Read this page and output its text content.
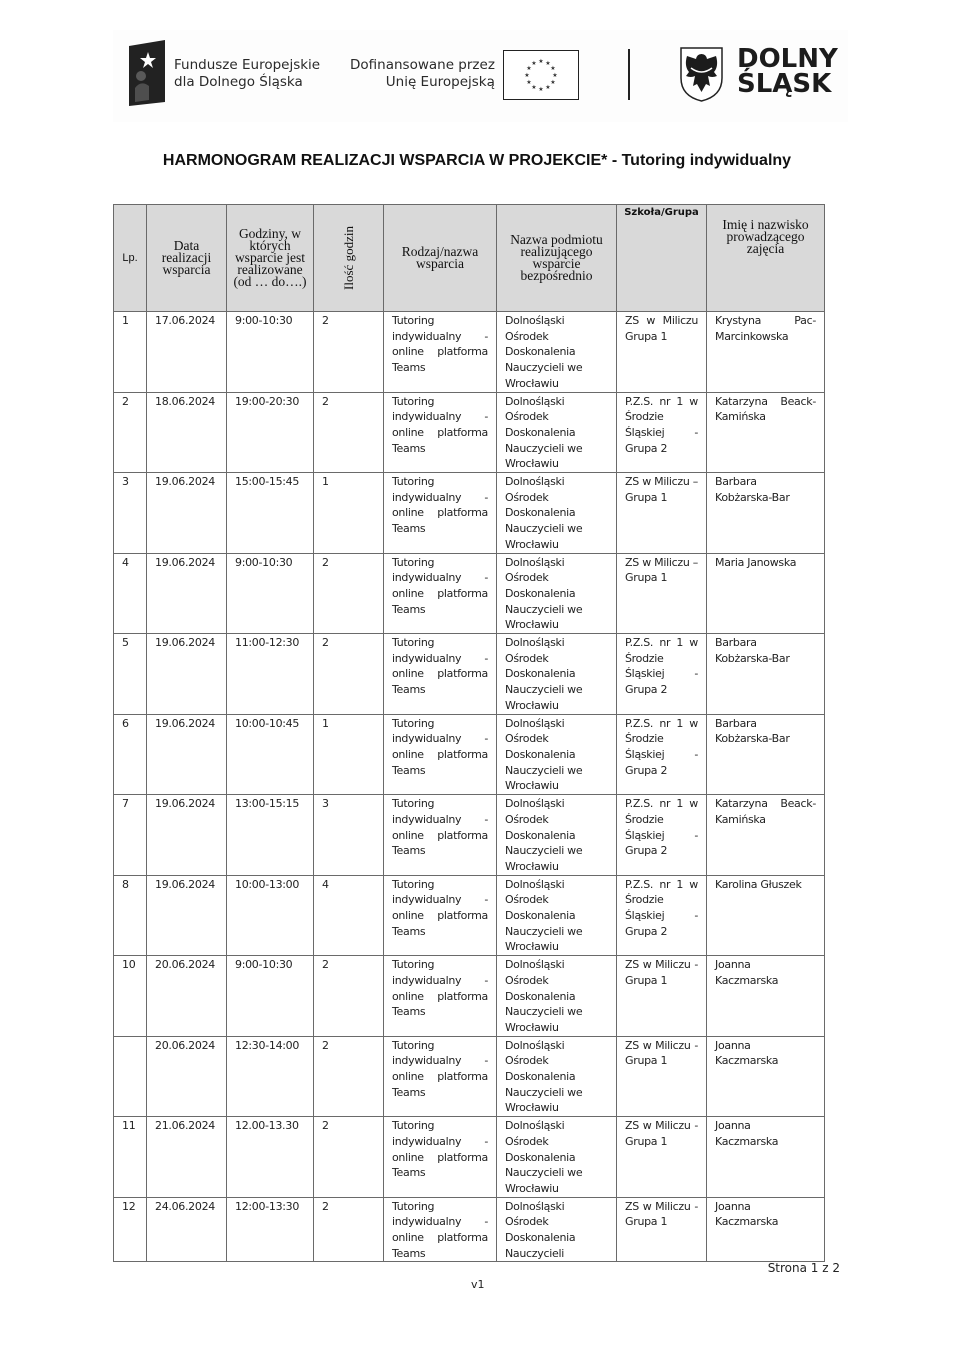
Fundusze Europejskie
dla Dolnego Śląska
Dofinansowane przez
Unię Europejską
★ ★
★
★
★
★
★
★
★
★
★
★	DOLNY
ŚLĄSK
HARMONOGRAM REALIZACJI WSPARCIA W PROJEKCIE* - Tutoring indywidualny
Lp.	Data realizacji wsparcia	Godziny, w których wsparcie jest realizowane (od … do….)	Ilość godzin	Rodzaj/nazwa wsparcia	Nazwa podmiotu realizującego wsparcie bezpośrednio	Szkoła/Grupa	Imię i nazwisko prowadzącego zajęcia
1	17.06.2024	9:00-10:30	2	Tutoring indywidualny - online platforma Teams	Dolnośląski Ośrodek Doskonalenia Nauczycieli we Wrocławiu	ZS w Miliczu Grupa 1	Krystyna Pac-Marcinkowska
2	18.06.2024	19:00-20:30	2	Tutoring indywidualny - online platforma Teams	Dolnośląski Ośrodek Doskonalenia Nauczycieli we Wrocławiu	P.Z.S. nr 1 w Środzie Śląskiej - Grupa 2	Katarzyna Beack-Kamińska
3	19.06.2024	15:00-15:45	1	Tutoring indywidualny - online platforma Teams	Dolnośląski Ośrodek Doskonalenia Nauczycieli we Wrocławiu	ZS w Miliczu – Grupa 1	Barbara Kobżarska-Bar
4	19.06.2024	9:00-10:30	2	Tutoring indywidualny - online platforma Teams	Dolnośląski Ośrodek Doskonalenia Nauczycieli we Wrocławiu	ZS w Miliczu – Grupa 1	Maria Janowska
5	19.06.2024	11:00-12:30	2	Tutoring indywidualny - online platforma Teams	Dolnośląski Ośrodek Doskonalenia Nauczycieli we Wrocławiu	P.Z.S. nr 1 w Środzie Śląskiej - Grupa 2	Barbara Kobżarska-Bar
6	19.06.2024	10:00-10:45	1	Tutoring indywidualny - online platforma Teams	Dolnośląski Ośrodek Doskonalenia Nauczycieli we Wrocławiu	P.Z.S. nr 1 w Środzie Śląskiej - Grupa 2	Barbara Kobżarska-Bar
7	19.06.2024	13:00-15:15	3	Tutoring indywidualny - online platforma Teams	Dolnośląski Ośrodek Doskonalenia Nauczycieli we Wrocławiu	P.Z.S. nr 1 w Środzie Śląskiej - Grupa 2	Katarzyna Beack-Kamińska
8	19.06.2024	10:00-13:00	4	Tutoring indywidualny - online platforma Teams	Dolnośląski Ośrodek Doskonalenia Nauczycieli we Wrocławiu	P.Z.S. nr 1 w Środzie Śląskiej - Grupa 2	Karolina Głuszek
10	20.06.2024	9:00-10:30	2	Tutoring indywidualny - online platforma Teams	Dolnośląski Ośrodek Doskonalenia Nauczycieli we Wrocławiu	ZS w Miliczu - Grupa 1	Joanna Kaczmarska
	20.06.2024	12:30-14:00	2	Tutoring indywidualny - online platforma Teams	Dolnośląski Ośrodek Doskonalenia Nauczycieli we Wrocławiu	ZS w Miliczu - Grupa 1	Joanna Kaczmarska
11	21.06.2024	12.00-13.30	2	Tutoring indywidualny - online platforma Teams	Dolnośląski Ośrodek Doskonalenia Nauczycieli we Wrocławiu	ZS w Miliczu - Grupa 1	Joanna Kaczmarska
12	24.06.2024	12:00-13:30	2	Tutoring indywidualny - online platforma Teams	Dolnośląski Ośrodek Doskonalenia Nauczycieli	ZS w Miliczu - Grupa 1	Joanna Kaczmarska
Strona 1 z 2
v1
